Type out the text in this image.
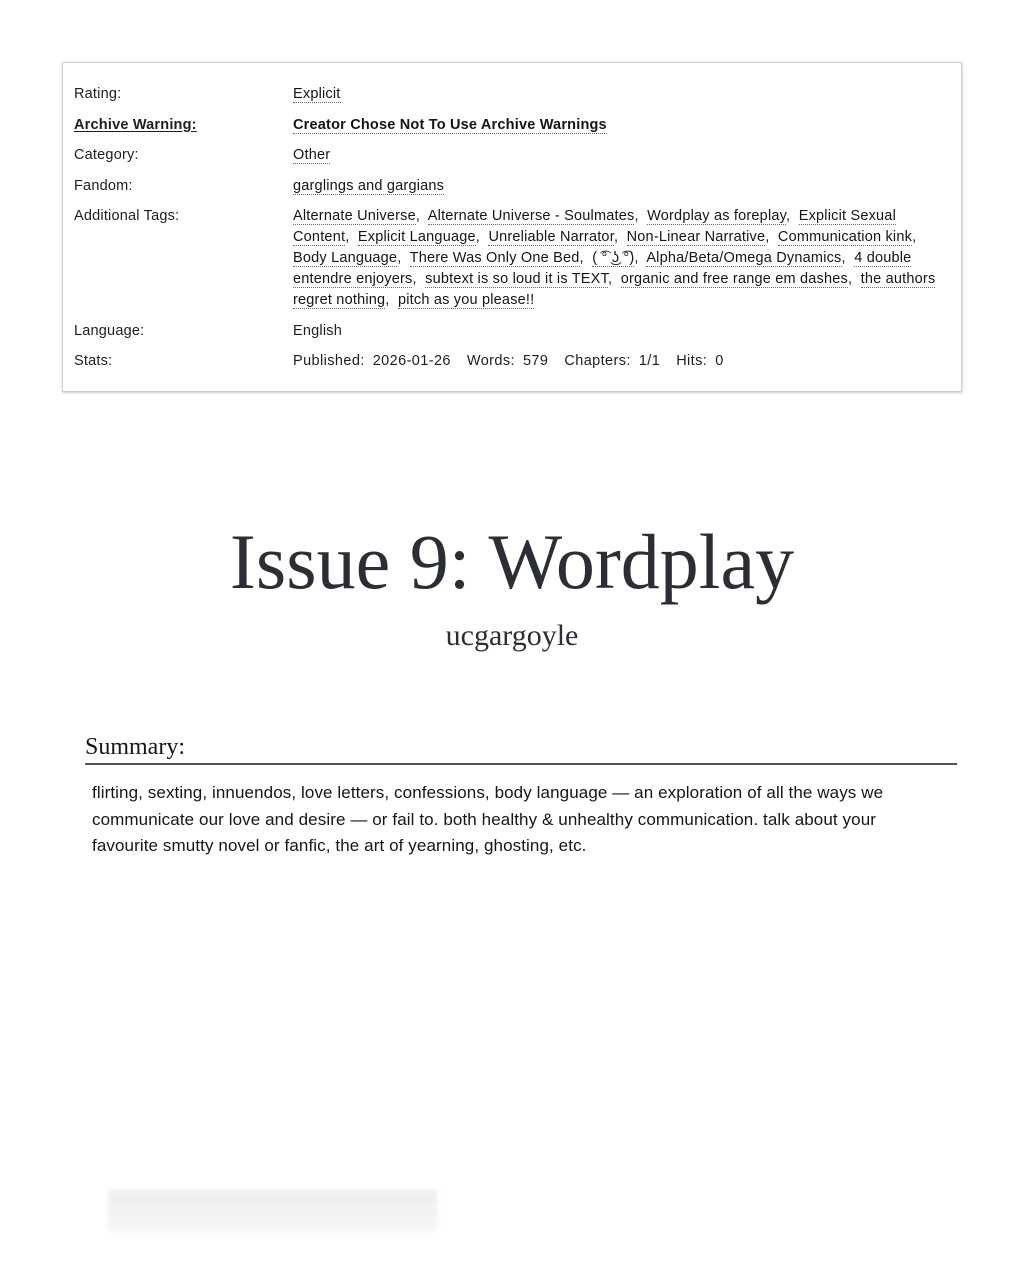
Rating:	Explicit
Archive Warning:	Creator Chose Not To Use Archive Warnings
Category:	Other
Fandom:	garglings and gargians
Additional Tags:	Alternate Universe,  Alternate Universe - Soulmates,  Wordplay as foreplay,  Explicit Sexual Content,  Explicit Language,  Unreliable Narrator,  Non-Linear Narrative,  Communication kink,  Body Language,  There Was Only One Bed,  ( ͡° ͜ʖ ͡°),  Alpha/Beta/Omega Dynamics,  4 double entendre enjoyers,  subtext is so loud it is TEXT,  organic and free range em dashes,  the authors regret nothing,  pitch as you please!!
Language:	English
Stats:	Published: 2026-01-26 Words: 579 Chapters: 1/1 Hits: 0
Issue 9: Wordplay
ucgargoyle
Summary:

flirting, sexting, innuendos, love letters, confessions, body language — an exploration of all the ways we communicate our love and desire — or fail to. both healthy & unhealthy communication. talk about your favourite smutty novel or fanfic, the art of yearning, ghosting, etc.
